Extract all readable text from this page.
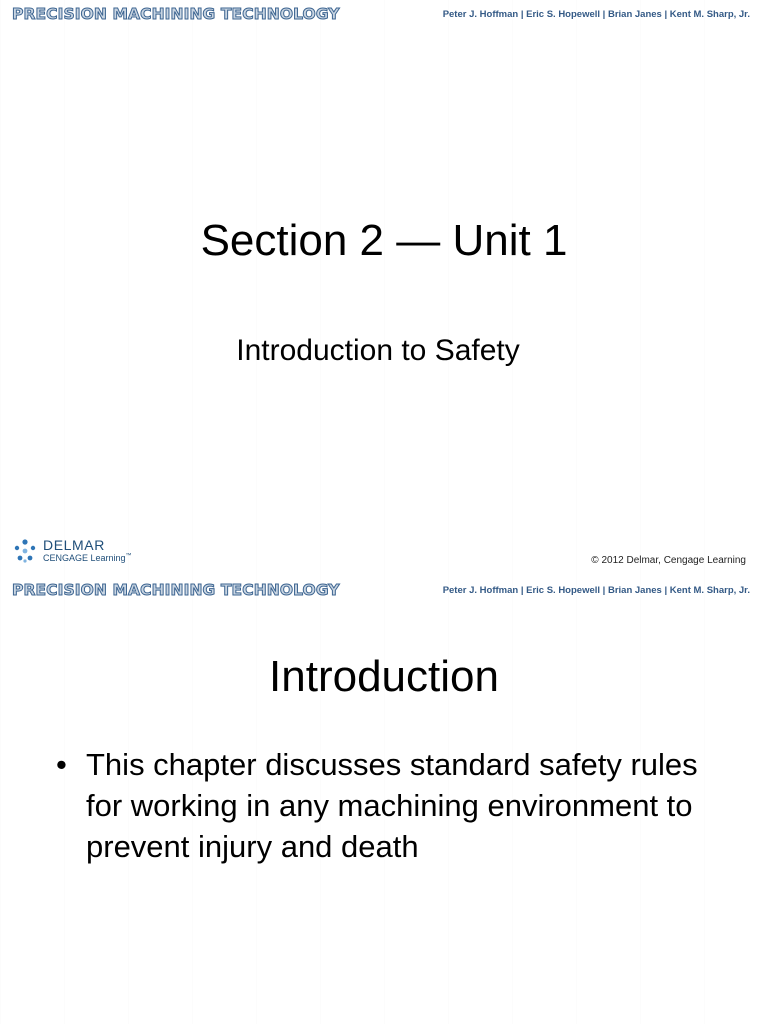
PRECISION MACHINING TECHNOLOGY	Peter J. Hoffman | Eric S. Hopewell | Brian Janes | Kent M. Sharp, Jr.
Section 2 — Unit 1
Introduction to Safety
DELMAR
CENGAGE Learning™	© 2012 Delmar, Cengage Learning
PRECISION MACHINING TECHNOLOGY	Peter J. Hoffman | Eric S. Hopewell | Brian Janes | Kent M. Sharp, Jr.
Introduction
• This chapter discusses standard safety rules for working in any machining environment to prevent injury and death
